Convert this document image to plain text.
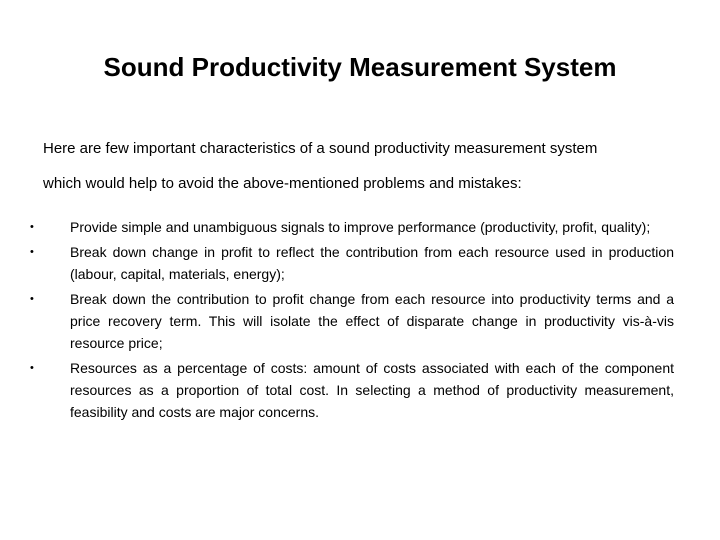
Sound Productivity Measurement System

Here are few important characteristics of a sound productivity measurement system

which would help to avoid the above-mentioned problems and mistakes:

•	Provide simple and unambiguous signals to improve performance (productivity, profit, quality);
•	Break down change in profit to reflect the contribution from each resource used in production (labour, capital, materials, energy);
•	Break down the contribution to profit change from each resource into productivity terms and a price recovery term. This will isolate the effect of disparate change in productivity vis-à-vis resource price;
•	Resources as a percentage of costs: amount of costs associated with each of the component resources as a proportion of total cost. In selecting a method of productivity measurement, feasibility and costs are major concerns.
